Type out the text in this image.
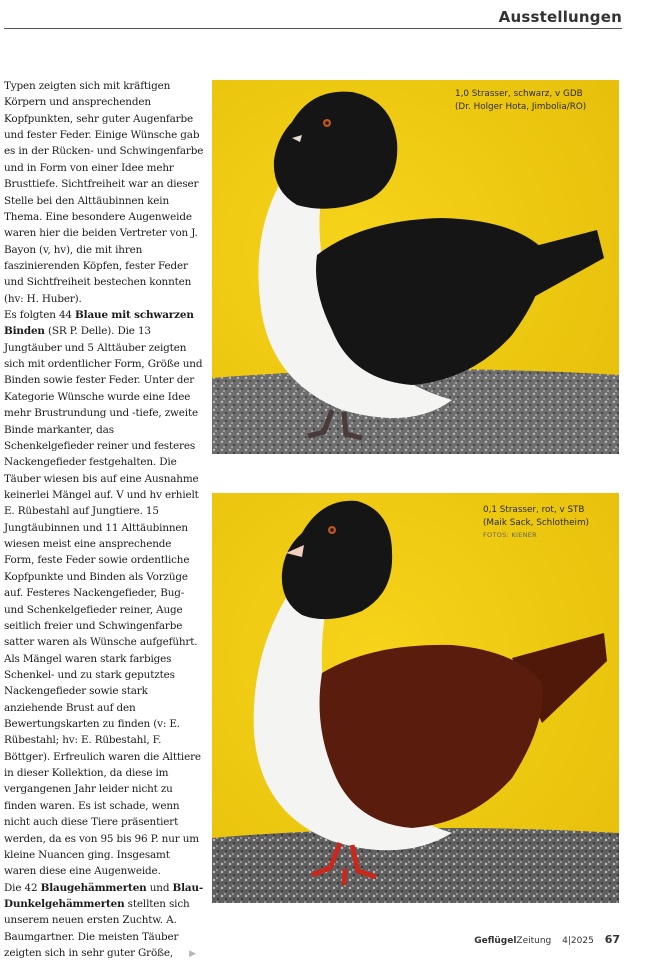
Ausstellungen

Typen zeigten sich mit kräftigen Körpern und ansprechenden Kopfpunkten, sehr guter Augenfarbe und fester Feder. Einige Wünsche gab es in der Rücken- und Schwingenfarbe und in Form von einer Idee mehr Brusttiefe. Sichtfreiheit war an dieser Stelle bei den Alttäubinnen kein Thema. Eine besondere Augenweide waren hier die beiden Vertreter von J. Bayon (v, hv), die mit ihren faszinierenden Köpfen, fester Feder und Sichtfreiheit bestechen konnten (hv: H. Huber).

Es folgten 44 Blaue mit schwarzen Binden (SR P. Delle). Die 13 Jungtäuber und 5 Alttäuber zeigten sich mit ordentlicher Form, Größe und Binden sowie fester Feder. Unter der Kategorie Wünsche wurde eine Idee mehr Brustrundung und -tiefe, zweite Binde markanter, das Schenkelgefieder reiner und festeres Nackengefieder festgehalten. Die Täuber wiesen bis auf eine Ausnahme keinerlei Mängel auf. V und hv erhielt E. Rübestahl auf Jungtiere. 15 Jungtäubinnen und 11 Alttäubinnen wiesen meist eine ansprechende Form, feste Feder sowie ordentliche Kopfpunkte und Binden als Vorzüge auf. Festeres Nackengefieder, Bug- und Schenkelgefieder reiner, Auge seitlich freier und Schwingenfarbe satter waren als Wünsche aufgeführt. Als Mängel waren stark farbiges Schenkel- und zu stark geputztes Nackengefieder sowie stark anziehende Brust auf den Bewertungskarten zu finden (v: E. Rübestahl; hv: E. Rübestahl, F. Böttger). Erfreulich waren die Alttiere in dieser Kollektion, da diese im vergangenen Jahr leider nicht zu finden waren. Es ist schade, wenn nicht auch diese Tiere präsentiert werden, da es von 95 bis 96 P. nur um kleine Nuancen ging. Insgesamt waren diese eine Augenweide.

Die 42 Blaugehämmerten und Blau-Dunkelgehämmerten stellten sich unserem neuen ersten Zuchtw. A. Baumgartner. Die meisten Täuber zeigten sich in sehr guter Größe, ▶

1,0 Strasser, schwarz, v GDB
(Dr. Holger Hota, Jimbolia/RO)
0,1 Strasser, rot, v STB
(Maik Sack, Schlotheim)
FOTOS: KIENER
GeflügelZeitung 4|2025 67
